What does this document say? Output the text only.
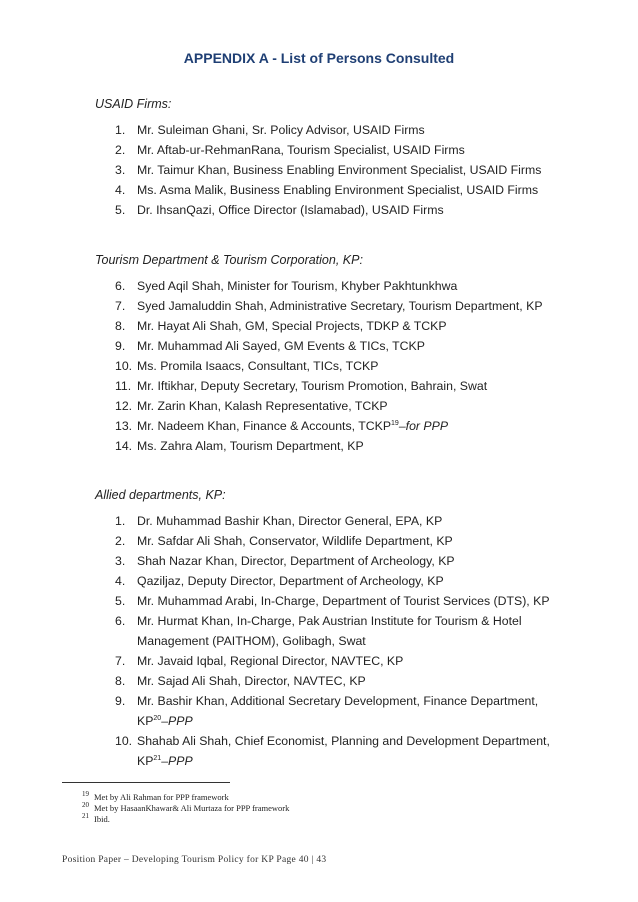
APPENDIX A - List of Persons Consulted
USAID Firms:
1. Mr. Suleiman Ghani, Sr. Policy Advisor, USAID Firms
2. Mr. Aftab-ur-RehmanRana, Tourism Specialist, USAID Firms
3. Mr. Taimur Khan, Business Enabling Environment Specialist, USAID Firms
4. Ms. Asma Malik, Business Enabling Environment Specialist, USAID Firms
5. Dr. IhsanQazi, Office Director (Islamabad), USAID Firms
Tourism Department & Tourism Corporation, KP:
6. Syed Aqil Shah, Minister for Tourism, Khyber Pakhtunkhwa
7. Syed Jamaluddin Shah, Administrative Secretary, Tourism Department, KP
8. Mr. Hayat Ali Shah, GM, Special Projects, TDKP & TCKP
9. Mr. Muhammad Ali Sayed, GM Events & TICs, TCKP
10. Ms. Promila Isaacs, Consultant, TICs, TCKP
11. Mr. Iftikhar, Deputy Secretary, Tourism Promotion, Bahrain, Swat
12. Mr. Zarin Khan, Kalash Representative, TCKP
13. Mr. Nadeem Khan, Finance & Accounts, TCKP$^{19}$–for PPP
14. Ms. Zahra Alam, Tourism Department, KP
Allied departments, KP:
1. Dr. Muhammad Bashir Khan, Director General, EPA, KP
2. Mr. Safdar Ali Shah, Conservator, Wildlife Department, KP
3. Shah Nazar Khan, Director, Department of Archeology, KP
4. Qaziljaz, Deputy Director, Department of Archeology, KP
5. Mr. Muhammad Arabi, In-Charge, Department of Tourist Services (DTS), KP
6. Mr. Hurmat Khan, In-Charge, Pak Austrian Institute for Tourism & Hotel
Management (PAITHOM), Golibagh, Swat
7. Mr. Javaid Iqbal, Regional Director, NAVTEC, KP
8. Mr. Sajad Ali Shah, Director, NAVTEC, KP
9. Mr. Bashir Khan, Additional Secretary Development, Finance Department,
KP$^{20}$–PPP
10. Shahab Ali Shah, Chief Economist, Planning and Development Department,
KP$^{21}$–PPP
19 Met by Ali Rahman for PPP framework
20 Met by HasaanKhawar& Ali Murtaza for PPP framework
21 Ibid.
Position Paper – Developing Tourism Policy for KP Page 40 | 43
